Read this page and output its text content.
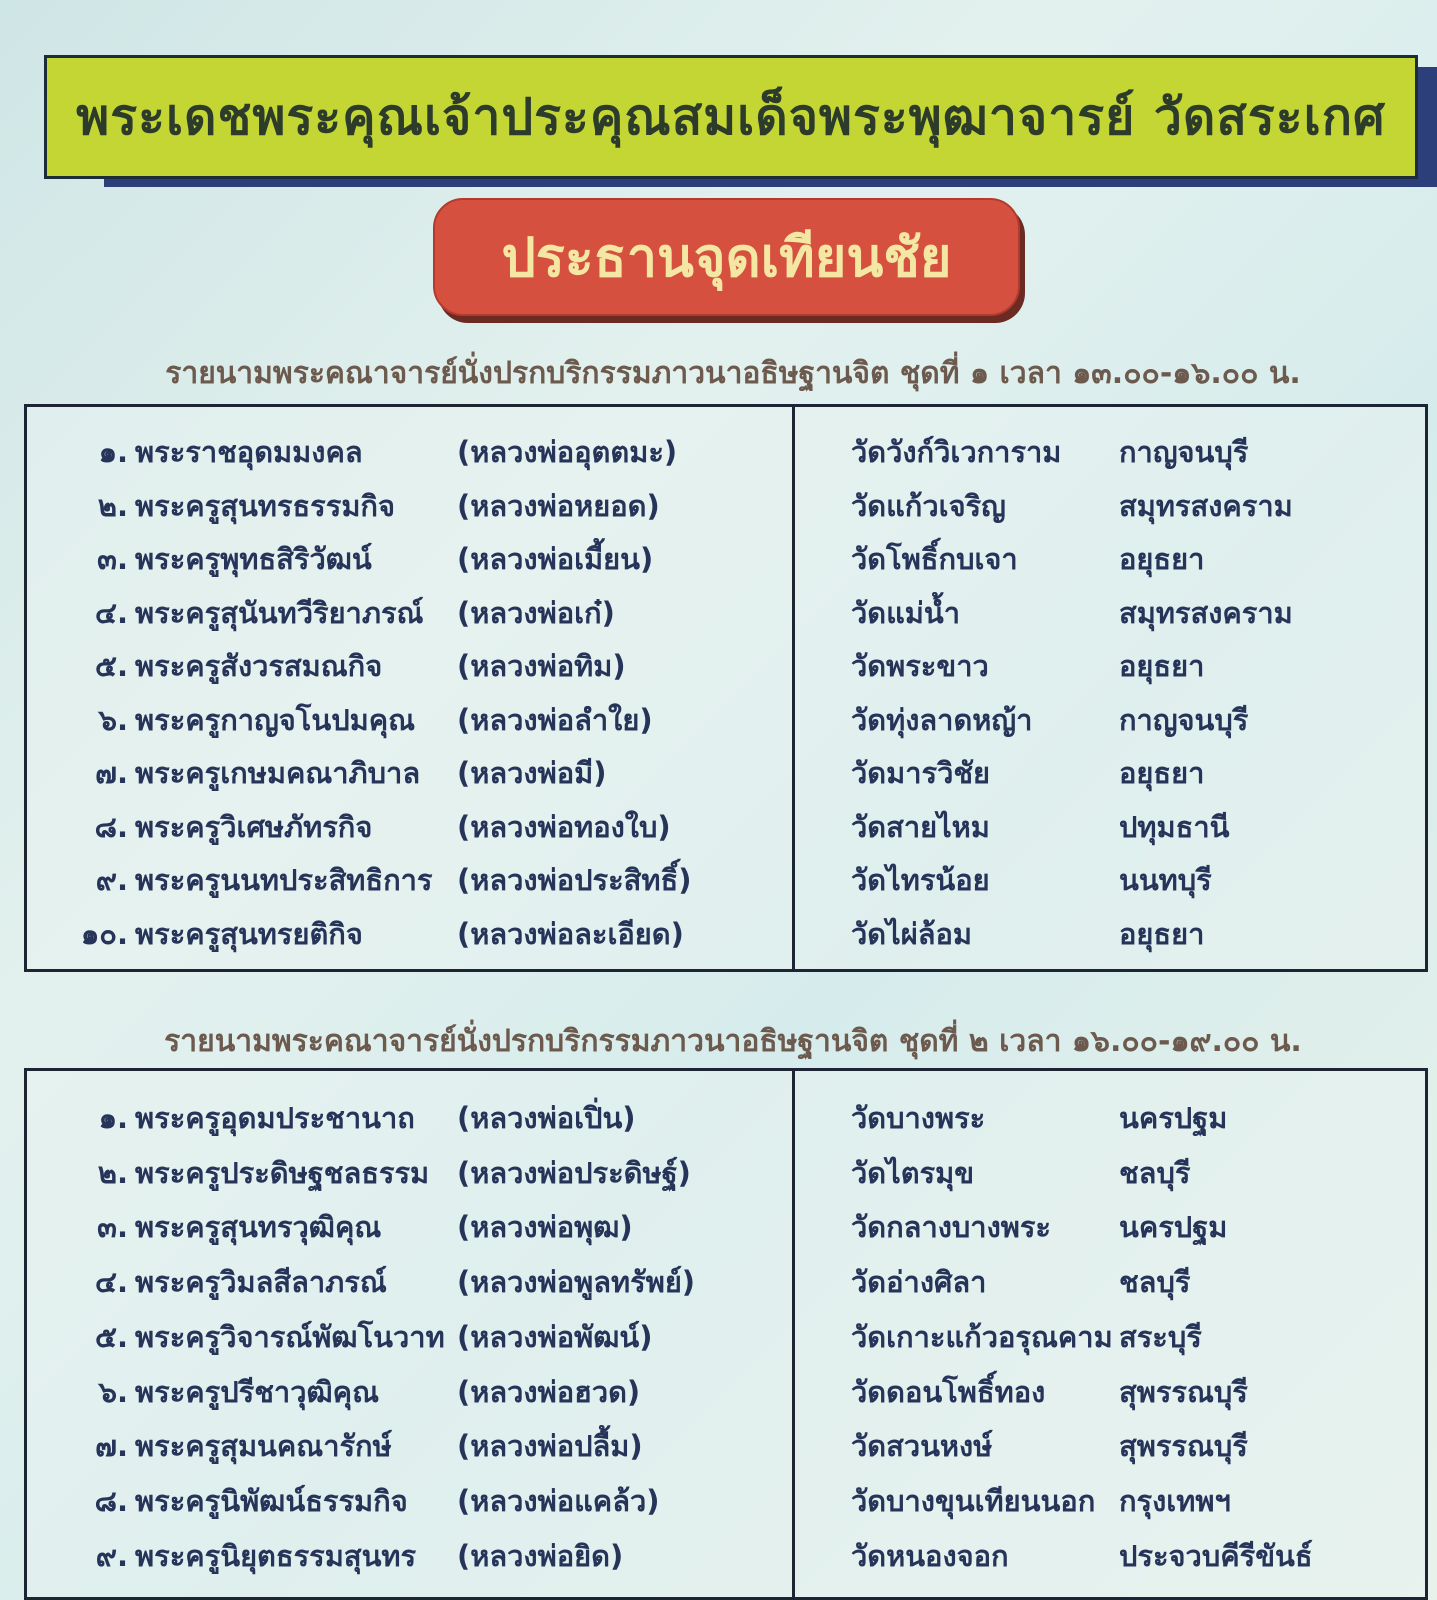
พระเดชพระคุณเจ้าประคุณสมเด็จพระพุฒาจารย์ วัดสระเกศ
ประธานจุดเทียนชัย
รายนามพระคณาจารย์นั่งปรกบริกรรมภาวนาอธิษฐานจิต ชุดที่ ๑ เวลา ๑๓.๐๐-๑๖.๐๐ น.
๑. พระราชอุดมมงคล	(หลวงพ่ออุตตมะ)	วัดวังก์วิเวการาม กาญจนบุรี
๒. พระครูสุนทรธรรมกิจ (หลวงพ่อหยอด)	วัดแก้วเจริญ	สมุทรสงคราม
๓. พระครูพุทธสิริวัฒน์	(หลวงพ่อเมี้ยน)	วัดโพธิ์กบเจา	อยุธยา
๔. พระครูสุนันทวีริยาภรณ์ (หลวงพ่อเก๋)	วัดแม่น้ำ	สมุทรสงคราม
๕. พระครูสังวรสมณกิจ	(หลวงพ่อทิม)	วัดพระขาว	อยุธยา
๖. พระครูกาญจโนปมคุณ (หลวงพ่อลำใย)	วัดทุ่งลาดหญ้า	กาญจนบุรี
๗. พระครูเกษมคณาภิบาล (หลวงพ่อมี)	วัดมารวิชัย	อยุธยา
๘. พระครูวิเศษภัทรกิจ	(หลวงพ่อทองใบ)	วัดสายไหม	ปทุมธานี
๙. พระครูนนทประสิทธิการ (หลวงพ่อประสิทธิ์)	วัดไทรน้อย	นนทบุรี
๑๐. พระครูสุนทรยติกิจ	(หลวงพ่อละเอียด)	วัดไผ่ล้อม	อยุธยา
รายนามพระคณาจารย์นั่งปรกบริกรรมภาวนาอธิษฐานจิต ชุดที่ ๒ เวลา ๑๖.๐๐-๑๙.๐๐ น.
๑. พระครูอุดมประชานาถ (หลวงพ่อเปิ่น)	วัดบางพระ	นครปฐม
๒. พระครูประดิษฐชลธรรม (หลวงพ่อประดิษฐ์)	วัดไตรมุข	ชลบุรี
๓. พระครูสุนทรวุฒิคุณ	(หลวงพ่อพุฒ)	วัดกลางบางพระ นครปฐม
๔. พระครูวิมลสีลาภรณ์ (หลวงพ่อพูลทรัพย์)	วัดอ่างศิลา	ชลบุรี
๕. พระครูวิจารณ์พัฒโนวาท (หลวงพ่อพัฒน์)	วัดเกาะแก้วอรุณคาม สระบุรี
๖. พระครูปรีชาวุฒิคุณ	(หลวงพ่อฮวด)	วัดดอนโพธิ์ทอง	สุพรรณบุรี
๗. พระครูสุมนคณารักษ์ (หลวงพ่อปลื้ม)	วัดสวนหงษ์	สุพรรณบุรี
๘. พระครูนิพัฒน์ธรรมกิจ (หลวงพ่อแคล้ว)	วัดบางขุนเทียนนอก กรุงเทพฯ
๙. พระครูนิยุตธรรมสุนทร (หลวงพ่อยิด)	วัดหนองจอก	ประจวบคีรีขันธ์
